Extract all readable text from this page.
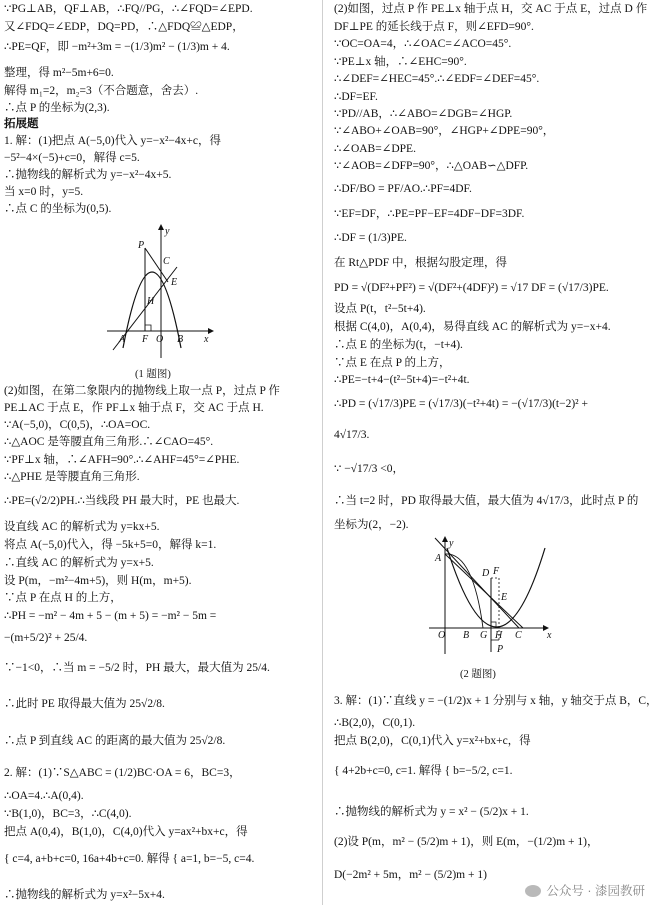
∵PG⊥AB，QF⊥AB，∴FQ//PG，∴∠FQD=∠EPD.
又∠FDQ=∠EDP，DQ=PD，∴△FDQ≌△EDP，
∴PE=QF，即 −m²+3m = −(1/3)m² − (1/3)m + 4.
整理，得 m²−5m+6=0.
解得 m₁=2，m₂=3（不合题意，舍去）.
∴点 P 的坐标为(2,3).
拓展题
1. 解：(1)把点 A(−5,0)代入 y=−x²−4x+c，得
−5²−4×(−5)+c=0，解得 c=5.
∴抛物线的解析式为 y=−x²−4x+5.
当 x=0 时，y=5.
∴点 C 的坐标为(0,5).
y
P
C
E
H
A F O B x
(1 题图)
(2)如图，在第二象限内的抛物线上取一点 P，过点 P 作
PE⊥AC 于点 E，作 PF⊥x 轴于点 F，交 AC 于点 H.
∵A(−5,0)，C(0,5)，∴OA=OC.
∴△AOC 是等腰直角三角形.∴∠CAO=45°.
∵PF⊥x 轴，∴∠AFH=90°.∴∠AHF=45°=∠PHE.
∴△PHE 是等腰直角三角形.
∴PE=(√2/2)PH.∴当线段 PH 最大时，PE 也最大.
设直线 AC 的解析式为 y=kx+5.
将点 A(−5,0)代入，得 −5k+5=0，解得 k=1.
∴直线 AC 的解析式为 y=x+5.
设 P(m，−m²−4m+5)，则 H(m，m+5).
∵点 P 在点 H 的上方，
∴PH = −m² − 4m + 5 − (m + 5) = −m² − 5m =
−(m+5/2)² + 25/4.
∵−1<0，∴当 m = −5/2 时，PH 最大，最大值为 25/4.
∴此时 PE 取得最大值为 25√2/8.
∴点 P 到直线 AC 的距离的最大值为 25√2/8.
2. 解：(1)∵S△ABC = (1/2)BC·OA = 6，BC=3，
∴OA=4.∴A(0,4).
∵B(1,0)，BC=3，∴C(4,0).
把点 A(0,4)，B(1,0)，C(4,0)代入 y=ax²+bx+c，得
{ c=4, a+b+c=0, 16a+4b+c=0. 解得 { a=1, b=−5, c=4.
∴抛物线的解析式为 y=x²−5x+4.
(2)如图，过点 P 作 PE⊥x 轴于点 H，交 AC 于点 E，过点 D 作
DF⊥PE 的延长线于点 F，则∠EFD=90°.
∵OC=OA=4，∴∠OAC=∠ACO=45°.
∵PE⊥x 轴，∴∠EHC=90°.
∴∠DEF=∠HEC=45°.∴∠EDF=∠DEF=45°.
∴DF=EF.
∵PD//AB，∴∠ABO=∠DGB=∠HGP.
∵∠ABO+∠OAB=90°，∠HGP+∠DPE=90°，
∴∠OAB=∠DPE.
∵∠AOB=∠DFP=90°，∴△OAB∽△DFP.
∴DF/BO = PF/AO.∴PF=4DF.
∵EF=DF，∴PE=PF−EF=4DF−DF=3DF.
∴DF = (1/3)PE.
在 Rt△PDF 中，根据勾股定理，得
PD = √(DF²+PF²) = √(DF²+(4DF)²) = √17 DF = (√17/3)PE.
设点 P(t，t²−5t+4).
根据 C(4,0)，A(0,4)，易得直线 AC 的解析式为 y=−x+4.
∴点 E 的坐标为(t，−t+4).
∵点 E 在点 P 的上方，
∴PE=−t+4−(t²−5t+4)=−t²+4t.
∴PD = (√17/3)PE = (√17/3)(−t²+4t) = −(√17/3)(t−2)² +
4√17/3.
∵ −√17/3 <0，
∴当 t=2 时，PD 取得最大值，最大值为 4√17/3，此时点 P 的
坐标为(2，−2).
y
A
D F
E
P
O B G H C	x
(2 题图)
3. 解：(1)∵直线 y = −(1/2)x + 1 分别与 x 轴，y 轴交于点 B，C，
∴B(2,0)，C(0,1).
把点 B(2,0)，C(0,1)代入 y=x²+bx+c，得
{ 4+2b+c=0, c=1. 解得 { b=−5/2, c=1.
∴抛物线的解析式为 y = x² − (5/2)x + 1.
(2)设 P(m，m² − (5/2)m + 1)，则 E(m，−(1/2)m + 1)，
D(−2m² + 5m，m² − (5/2)m + 1)
公众号 · 漆园教研
